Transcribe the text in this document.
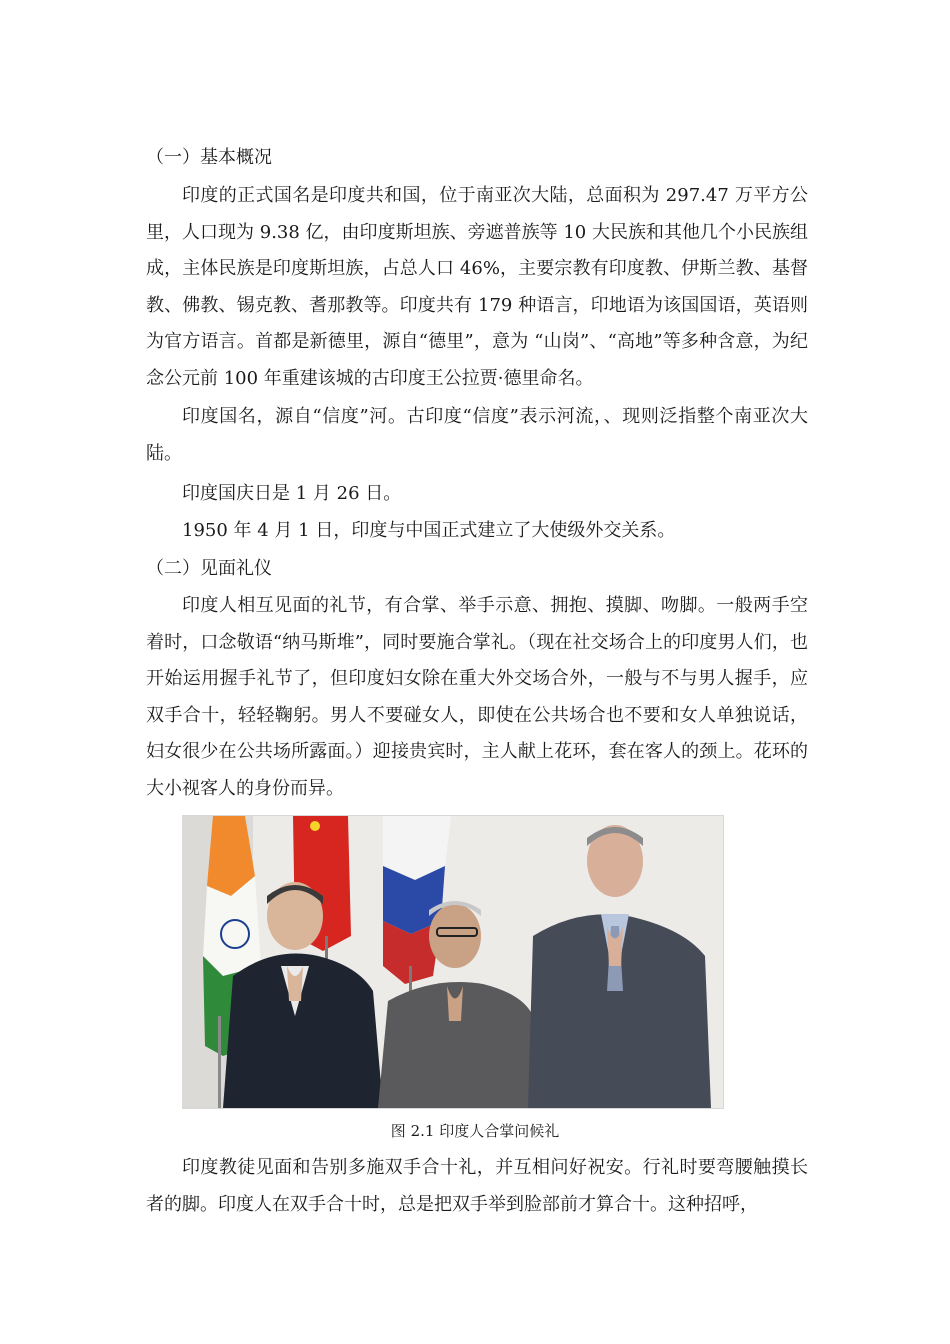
（一）基本概况

印度的正式国名是印度共和国，位于南亚次大陆，总面积为 297.47 万平方公里，人口现为 9.38 亿，由印度斯坦族、旁遮普族等 10 大民族和其他几个小民族组成，主体民族是印度斯坦族，占总人口 46%，主要宗教有印度教、伊斯兰教、基督教、佛教、锡克教、耆那教等。印度共有 179 种语言，印地语为该国国语，英语则为官方语言。首都是新德里，源自“德里”，意为 “山岗”、“高地”等多种含意，为纪念公元前 100 年重建该城的古印度王公拉贾·德里命名。

印度国名，源自“信度”河。古印度“信度”表示河流，、现则泛指整个南亚次大陆。

印度国庆日是 1 月 26 日。

1950 年 4 月 1 日，印度与中国正式建立了大使级外交关系。

（二）见面礼仪

印度人相互见面的礼节，有合掌、举手示意、拥抱、摸脚、吻脚。一般两手空着时，口念敬语“纳马斯堆”，同时要施合掌礼。（现在社交场合上的印度男人们，也开始运用握手礼节了，但印度妇女除在重大外交场合外，一般与不与男人握手，应双手合十，轻轻鞠躬。男人不要碰女人，即使在公共场合也不要和女人单独说话，妇女很少在公共场所露面。）迎接贵宾时，主人献上花环，套在客人的颈上。花环的大小视客人的身份而异。

图 2.1 印度人合掌问候礼

印度教徒见面和告别多施双手合十礼，并互相问好祝安。行礼时要弯腰触摸长者的脚。印度人在双手合十时，总是把双手举到脸部前才算合十。这种招呼，
